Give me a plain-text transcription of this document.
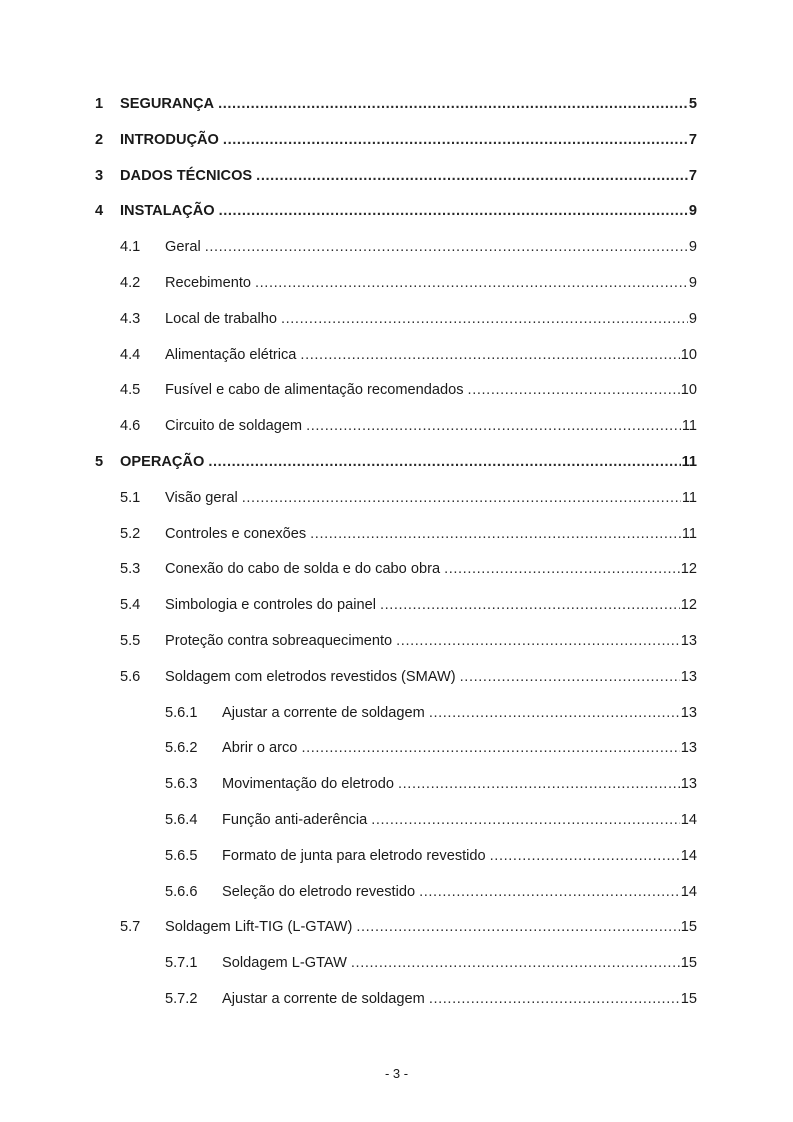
1 SEGURANÇA .....	5
2 INTRODUÇÃO .....	7
3 DADOS TÉCNICOS .....	7
4 INSTALAÇÃO .....	9
4.1 Geral .....	9
4.2 Recebimento .....	9
4.3 Local de trabalho .....	9
4.4 Alimentação elétrica .....	10
4.5 Fusível e cabo de alimentação recomendados .....	10
4.6 Circuito de soldagem .....	11
5 OPERAÇÃO .....	11
5.1 Visão geral .....	11
5.2 Controles e conexões .....	11
5.3 Conexão do cabo de solda e do cabo obra .....	12
5.4 Simbologia e controles do painel .....	12
5.5 Proteção contra sobreaquecimento .....	13
5.6 Soldagem com eletrodos revestidos (SMAW) .....	13
5.6.1 Ajustar a corrente de soldagem .....	13
5.6.2 Abrir o arco .....	13
5.6.3 Movimentação do eletrodo .....	13
5.6.4 Função anti-aderência .....	14
5.6.5 Formato de junta para eletrodo revestido .....	14
5.6.6 Seleção do eletrodo revestido .....	14
5.7 Soldagem Lift-TIG (L-GTAW) .....	15
5.7.1 Soldagem L-GTAW .....	15
5.7.2 Ajustar a corrente de soldagem .....	15
- 3 -
